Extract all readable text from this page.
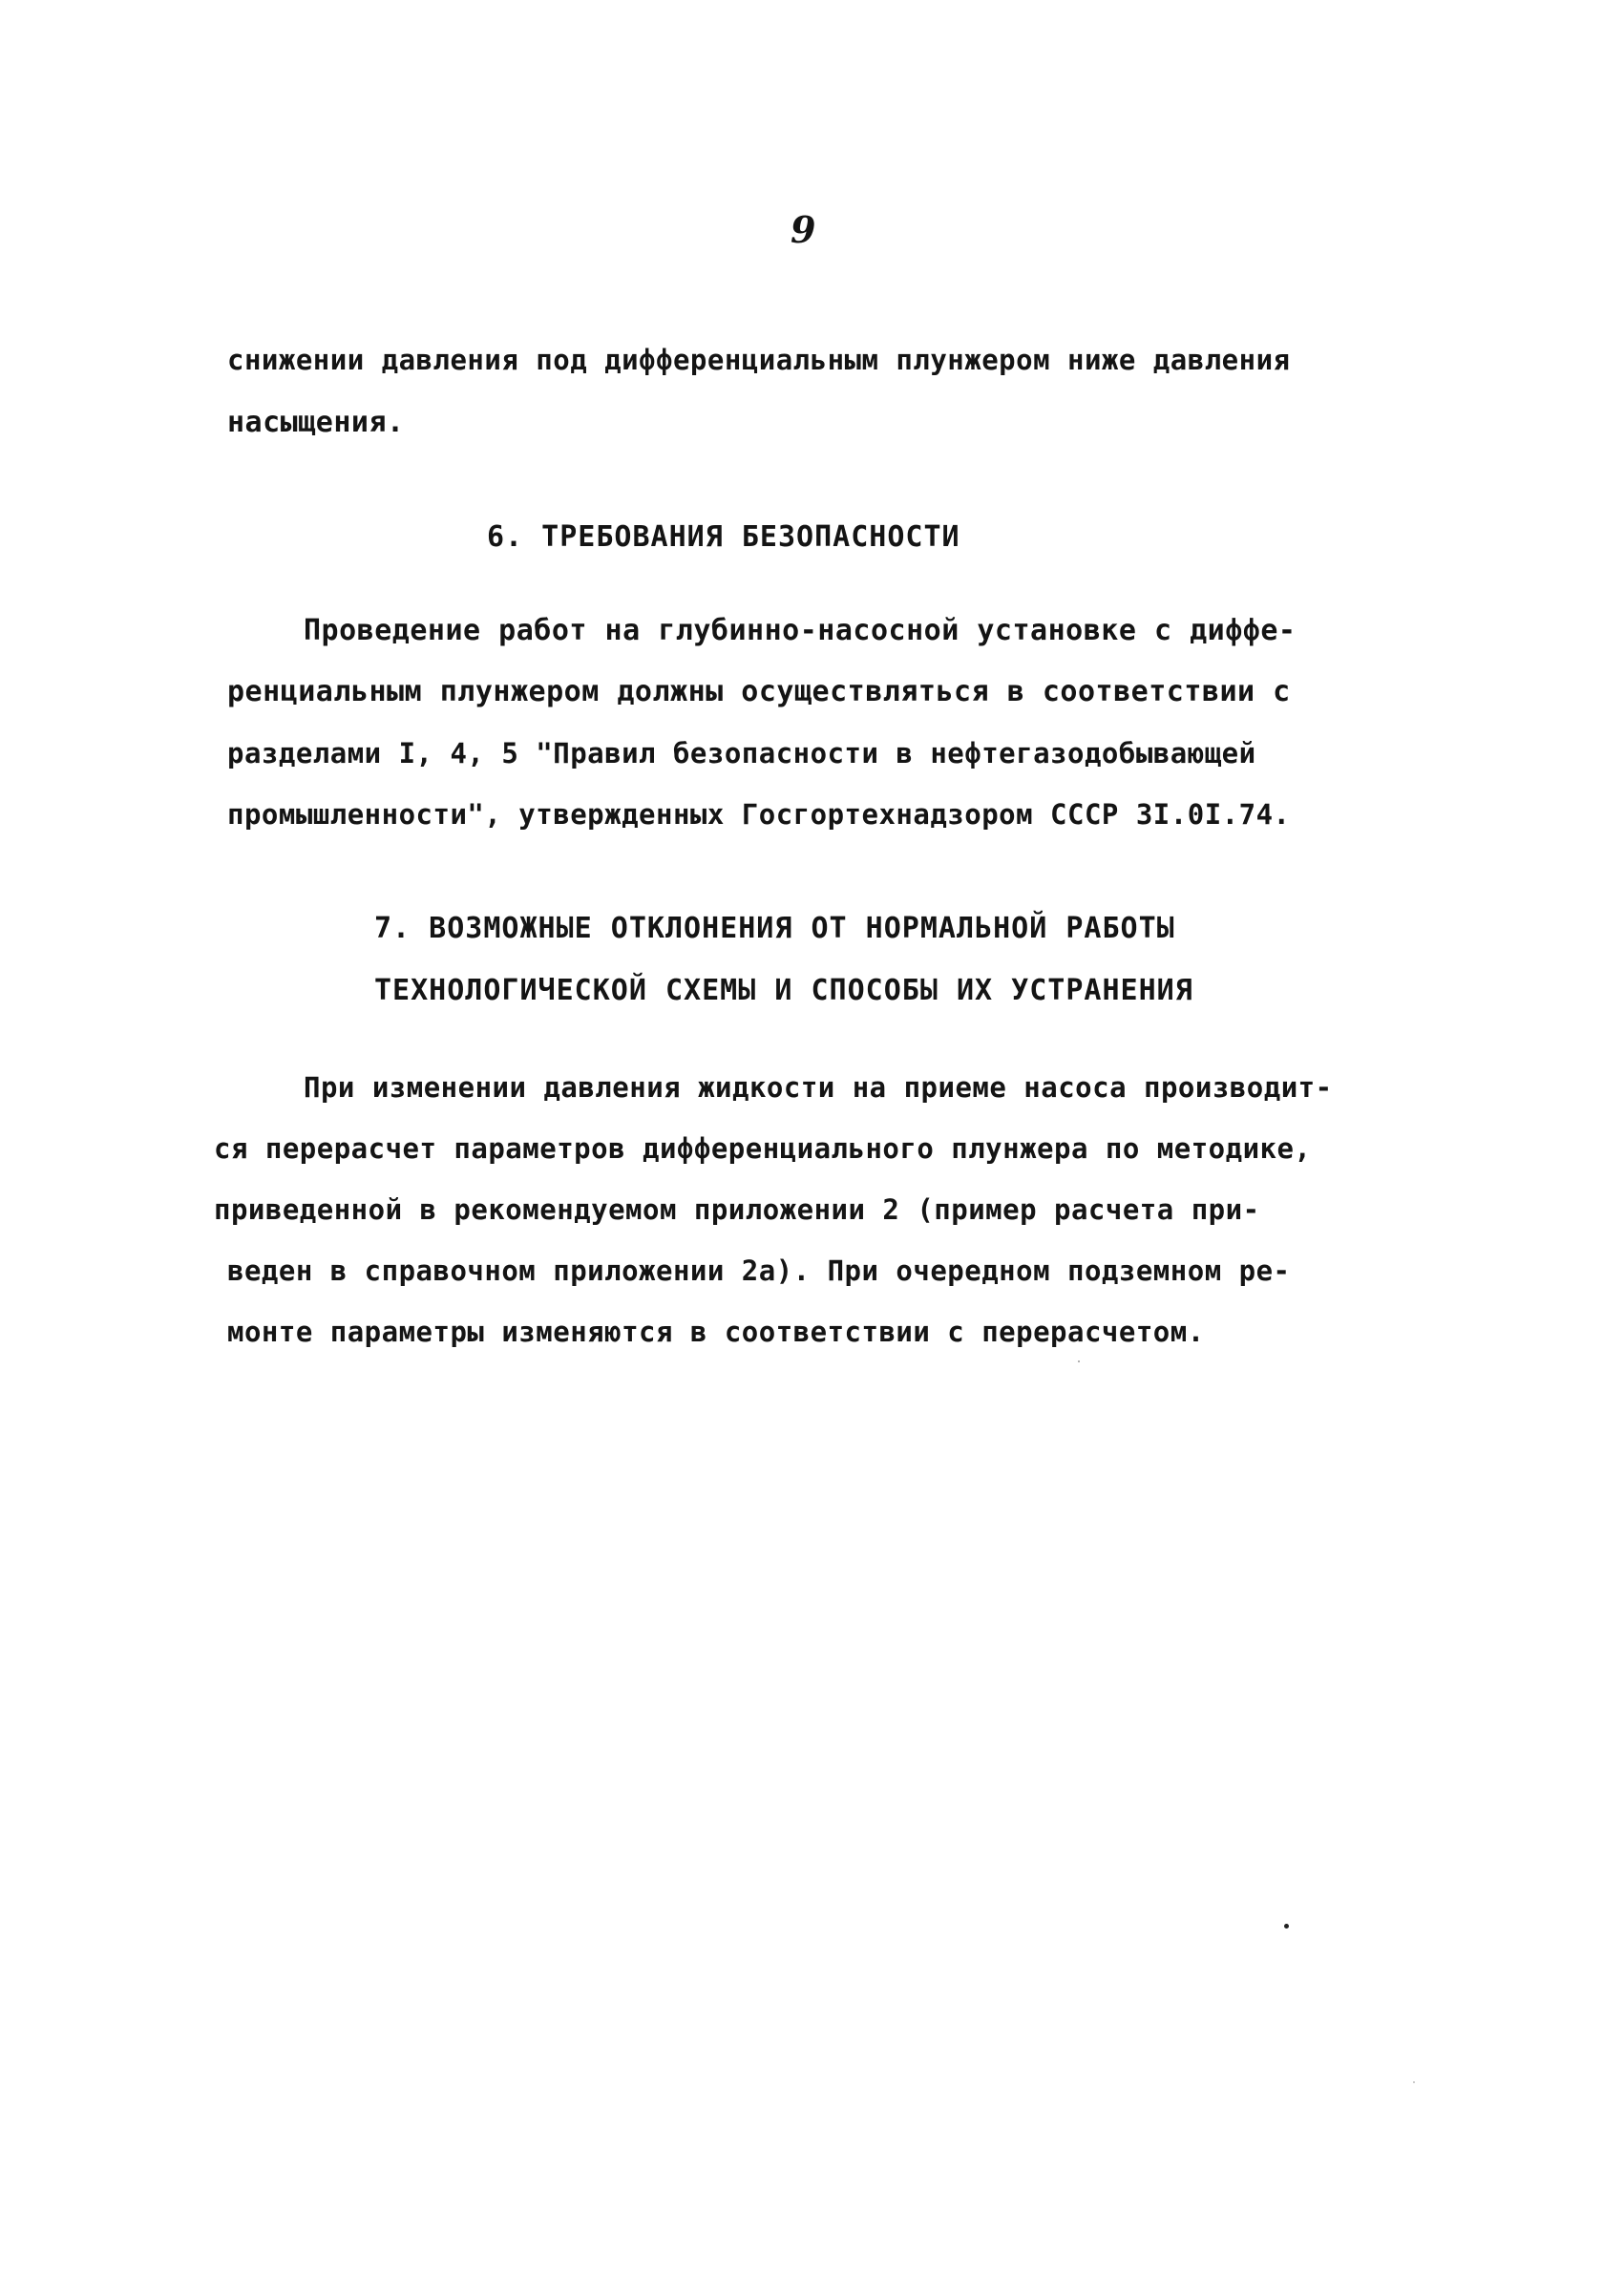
9
снижении давления под дифференциальным плунжером ниже давления
насыщения.
6. ТРЕБОВАНИЯ БЕЗОПАСНОСТИ
Проведение работ на глубинно-насосной установке с диффе-
ренциальным плунжером должны осуществляться в соответствии с
разделами I, 4, 5 "Правил безопасности в нефтегазодобывающей
промышленности", утвержденных Госгортехнадзором СССР 3I.0I.74.
7. ВОЗМОЖНЫЕ ОТКЛОНЕНИЯ ОТ НОРМАЛЬНОЙ РАБОТЫ
ТЕХНОЛОГИЧЕСКОЙ СХЕМЫ И СПОСОБЫ ИХ УСТРАНЕНИЯ
При изменении давления жидкости на приеме насоса производит-
ся перерасчет параметров дифференциального плунжера по методике,
приведенной в рекомендуемом приложении 2 (пример расчета при-
веден в справочном приложении 2а). При очередном подземном ре-
монте параметры изменяются в соответствии с перерасчетом.
